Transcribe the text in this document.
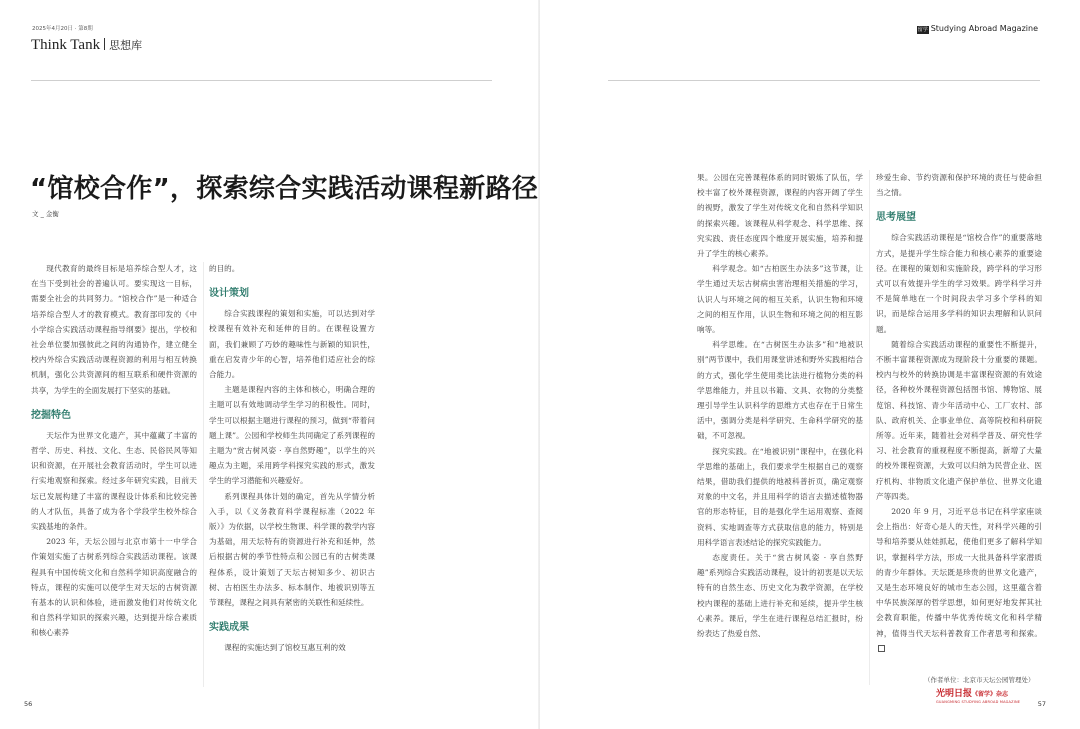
2025年4月20日 · 第8期
Think Tank 思想库
“馆校合作”，探索综合实践活动课程新路径
文 _ 金衡

现代教育的最终目标是培养综合型人才，这在当下受到社会的普遍认可。要实现这一目标，需要全社会的共同努力。“馆校合作”是一种适合培养综合型人才的教育模式。教育部印发的《中小学综合实践活动课程指导纲要》提出，学校和社会单位要加强彼此之间的沟通协作，建立健全校内外综合实践活动课程资源的利用与相互转换机制，强化公共资源间的相互联系和硬件资源的共享，为学生的全面发展打下坚实的基础。

挖掘特色

天坛作为世界文化遗产，其中蕴藏了丰富的哲学、历史、科技、文化、生态、民俗民风等知识和资源，在开展社会教育活动时，学生可以进行实地观察和探索。经过多年研究实践，目前天坛已发展构建了丰富的课程设计体系和比较完善的人才队伍，具备了成为各个学段学生校外综合实践基地的条件。

2023 年，天坛公园与北京市第十一中学合作策划实施了古树系列综合实践活动课程。该课程具有中国传统文化和自然科学知识高度融合的特点，课程的实施可以使学生对天坛的古树资源有基本的认识和体验，进而激发他们对传统文化和自然科学知识的探索兴趣，达到提升综合素质和核心素养

的目的。

设计策划

综合实践课程的策划和实施，可以达到对学校课程有效补充和延伸的目的。在课程设置方面，我们兼顾了巧妙的趣味性与新颖的知识性，重在启发青少年的心智，培养他们适应社会的综合能力。

主题是课程内容的主体和核心，明确合理的主题可以有效地调动学生学习的积极性。同时，学生可以根据主题进行课程的预习，做到“带着问题上课”。公园和学校师生共同确定了系列课程的主题为“赏古树风姿 · 享自然野趣”，以学生的兴趣点为主题，采用跨学科探究实践的形式，激发学生的学习潜能和兴趣爱好。

系列课程具体计划的确定，首先从学情分析入手，以《义务教育科学课程标准（2022 年版）》为依据，以学校生物课、科学课的教学内容为基础，用天坛特有的资源进行补充和延伸，然后根据古树的季节性特点和公园已有的古树类课程体系，设计策划了天坛古树知多少、初识古树、古柏医生办法多、标本制作、地被识别等五节课程，课程之间具有紧密的关联性和延续性。

实践成果

课程的实施达到了馆校互惠互利的效

56
留学 Studying Abroad Magazine

果。公园在完善课程体系的同时锻炼了队伍，学校丰富了校外课程资源，课程的内容开阔了学生的视野，激发了学生对传统文化和自然科学知识的探索兴趣。该课程从科学观念、科学思维、探究实践、责任态度四个维度开展实施，培养和提升了学生的核心素养。

科学观念。如“古柏医生办法多”这节课，让学生通过天坛古树病虫害治理相关措施的学习，认识人与环境之间的相互关系，认识生物和环境之间的相互作用，认识生物和环境之间的相互影响等。

科学思维。在“古树医生办法多”和“地被识别”两节课中，我们用课堂讲述和野外实践相结合的方式，强化学生使用类比法进行植物分类的科学思维能力，并且以书籍、文具、衣物的分类整理引导学生认识科学的思维方式也存在于日常生活中，强调分类是科学研究、生命科学研究的基础，不可忽视。

探究实践。在“地被识别”课程中，在强化科学思维的基础上，我们要求学生根据自己的观察结果，借助我们提供的地被科普折页，确定观察对象的中文名，并且用科学的语言去描述植物器官的形态特征，目的是强化学生运用观察、查阅资料、实地调查等方式获取信息的能力，特别是用科学语言表述结论的探究实践能力。

态度责任。关于“赏古树风姿 · 享自然野趣”系列综合实践活动课程，设计的初衷是以天坛特有的自然生态、历史文化为教学资源，在学校校内课程的基础上进行补充和延续，提升学生核心素养。课后，学生在进行课程总结汇报时，纷纷表达了热爱自然、

珍爱生命、节约资源和保护环境的责任与使命担当之情。

思考展望

综合实践活动课程是“馆校合作”的重要落地方式，是提升学生综合能力和核心素养的重要途径。在课程的策划和实施阶段，跨学科的学习形式可以有效提升学生的学习效果。跨学科学习并不是简单地在一个时间段去学习多个学科的知识，而是综合运用多学科的知识去理解和认识问题。

随着综合实践活动课程的重要性不断提升，不断丰富课程资源成为现阶段十分重要的课题。校内与校外的转换协调是丰富课程资源的有效途径，各种校外课程资源包括图书馆、博物馆、展览馆、科技馆、青少年活动中心、工厂农村、部队、政府机关、企事业单位、高等院校和科研院所等。近年来，随着社会对科学普及、研究性学习、社会教育的重视程度不断提高，新增了大量的校外课程资源，大致可以归纳为民营企业、医疗机构、非物质文化遗产保护单位、世界文化遗产等四类。

2020 年 9 月，习近平总书记在科学家座谈会上指出：好奇心是人的天性，对科学兴趣的引导和培养要从娃娃抓起，使他们更多了解科学知识，掌握科学方法，形成一大批具备科学家潜质的青少年群体。天坛既是珍贵的世界文化遗产，又是生态环境良好的城市生态公园，这里蕴含着中华民族深厚的哲学思想，如何更好地发挥其社会教育职能，传播中华优秀传统文化和科学精神，值得当代天坛科普教育工作者思考和探索。

（作者单位：北京市天坛公园管理处）
光明日报《留学》杂志
GUANGMING STUDYING ABROAD MAGAZINE	57
